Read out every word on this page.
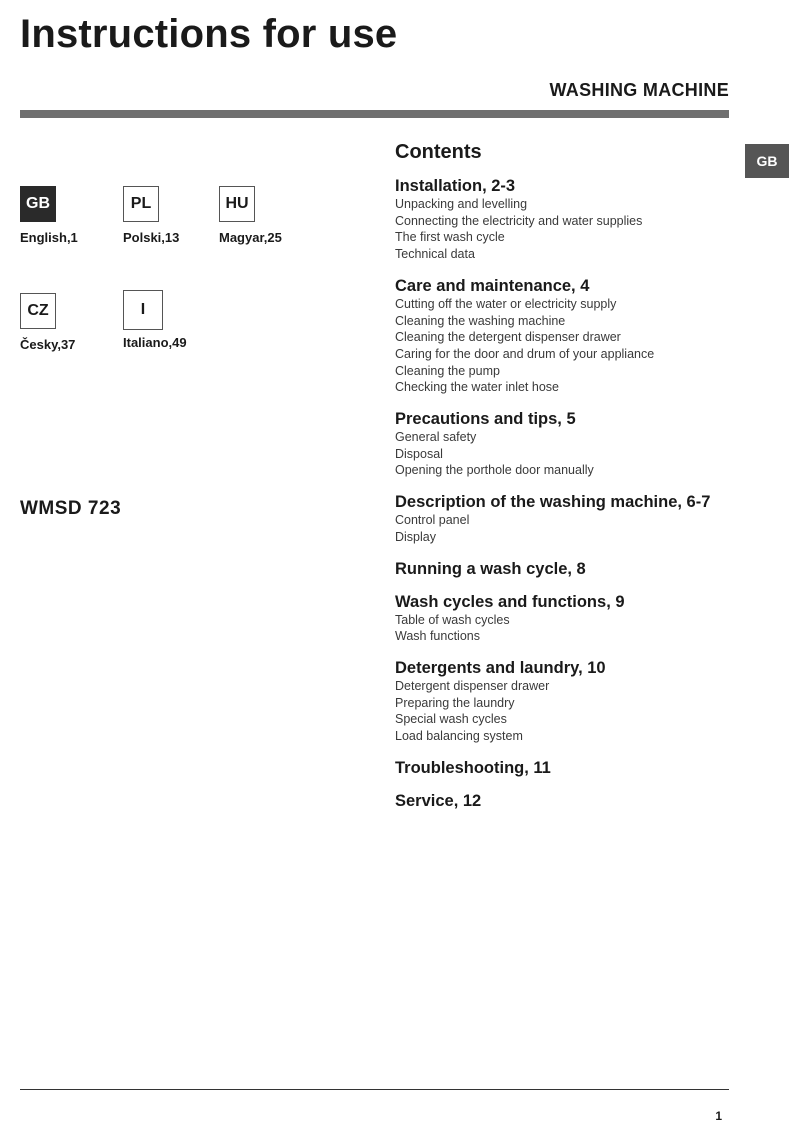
Instructions for use
WASHING MACHINE
GB
GB
English,1
PL
Polski,13
HU
Magyar,25
CZ
Česky,37
I
Italiano,49
WMSD 723
Contents
Installation, 2-3
Unpacking and levelling
Connecting the electricity and water supplies
The first wash cycle
Technical data
Care and maintenance, 4
Cutting off the water or electricity supply
Cleaning the washing machine
Cleaning the detergent dispenser drawer
Caring for the door and drum of your appliance
Cleaning the pump
Checking the water inlet hose
Precautions and tips, 5
General safety
Disposal
Opening the porthole door manually
Description of the washing machine, 6-7
Control panel
Display
Running a wash cycle, 8
Wash cycles and functions, 9
Table of wash cycles
Wash functions
Detergents and laundry, 10
Detergent dispenser drawer
Preparing the laundry
Special wash cycles
Load balancing system
Troubleshooting, 11
Service, 12
1
